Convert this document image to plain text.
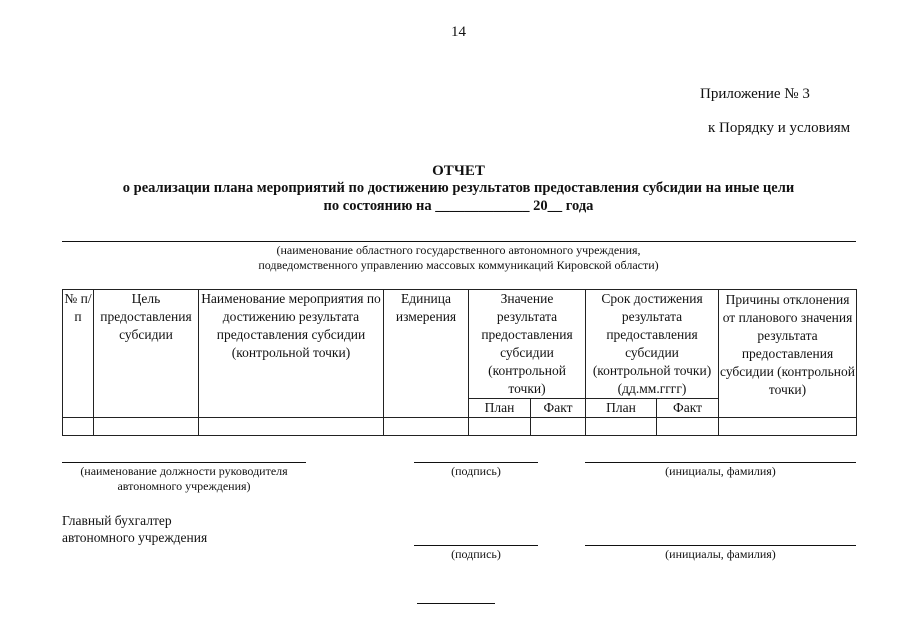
14
Приложение № 3
к Порядку и условиям
ОТЧЕТ
о реализации плана мероприятий по достижению результатов предоставления субсидии на иные цели
по состоянию на _____________ 20__ года
(наименование областного государственного автономного учреждения,
подведомственного управлению массовых коммуникаций Кировской области)
№ п/п	Цель предоставления субсидии	Наименование мероприятия по достижению результата предоставления субсидии (контрольной точки)	Единица измерения	Значение результата предоставления субсидии (контрольной точки)		Срок достижения результата предоставления субсидии (контрольной точки) (дд.мм.гггг)		Причины отклонения от планового значения результата предоставления субсидии (контрольной точки)
				План	Факт	План	Факт	

(наименование должности руководителя
автономного учреждения)
(подпись)	(инициалы, фамилия)
Главный бухгалтер
автономного учреждения
(подпись)	(инициалы, фамилия)
